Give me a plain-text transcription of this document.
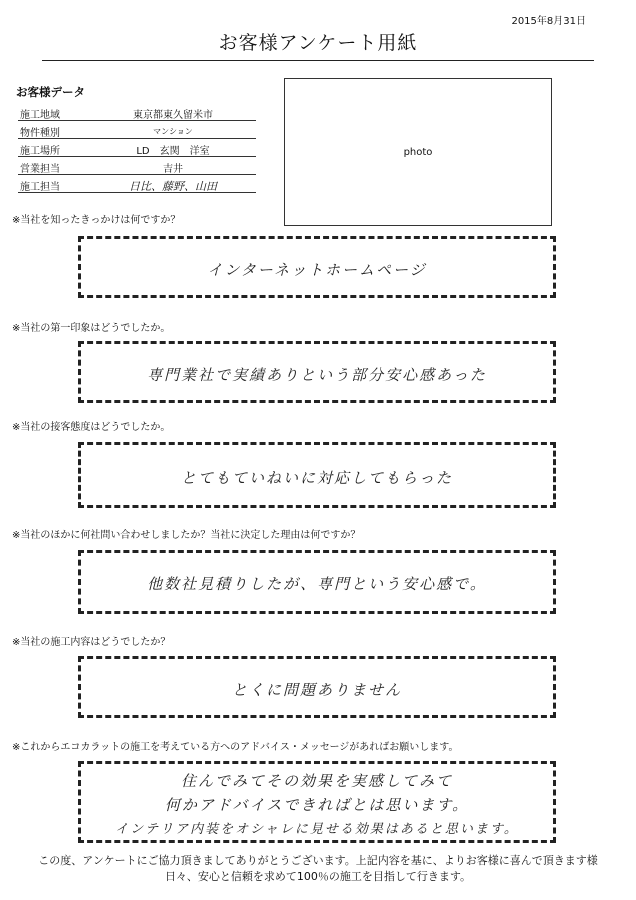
2015年8月31日
お客様アンケート用紙
お客様データ
施工地域	東京都東久留米市
物件種別	マンション
施工場所	LD　玄関　洋室
営業担当	吉井
施工担当	日比、藤野、山田
photo
※当社を知ったきっかけは何ですか？
インターネットホームページ
※当社の第一印象はどうでしたか。
専門業社で実績ありという部分安心感あった
※当社の接客態度はどうでしたか。
とてもていねいに対応してもらった
※当社のほかに何社問い合わせしましたか？当社に決定した理由は何ですか？
他数社見積りしたが、専門という安心感で。
※当社の施工内容はどうでしたか？
とくに問題ありません
※これからエコカラットの施工を考えている方へのアドバイス・メッセージがあればお願いします。
住んでみてその効果を実感してみて
何かアドバイスできればとは思います。
インテリア内装をオシャレに見せる効果はあると思います。
この度、アンケートにご協力頂きましてありがとうございます。上記内容を基に、よりお客様に喜んで頂きます様
日々、安心と信頼を求めて100％の施工を目指して行きます。
